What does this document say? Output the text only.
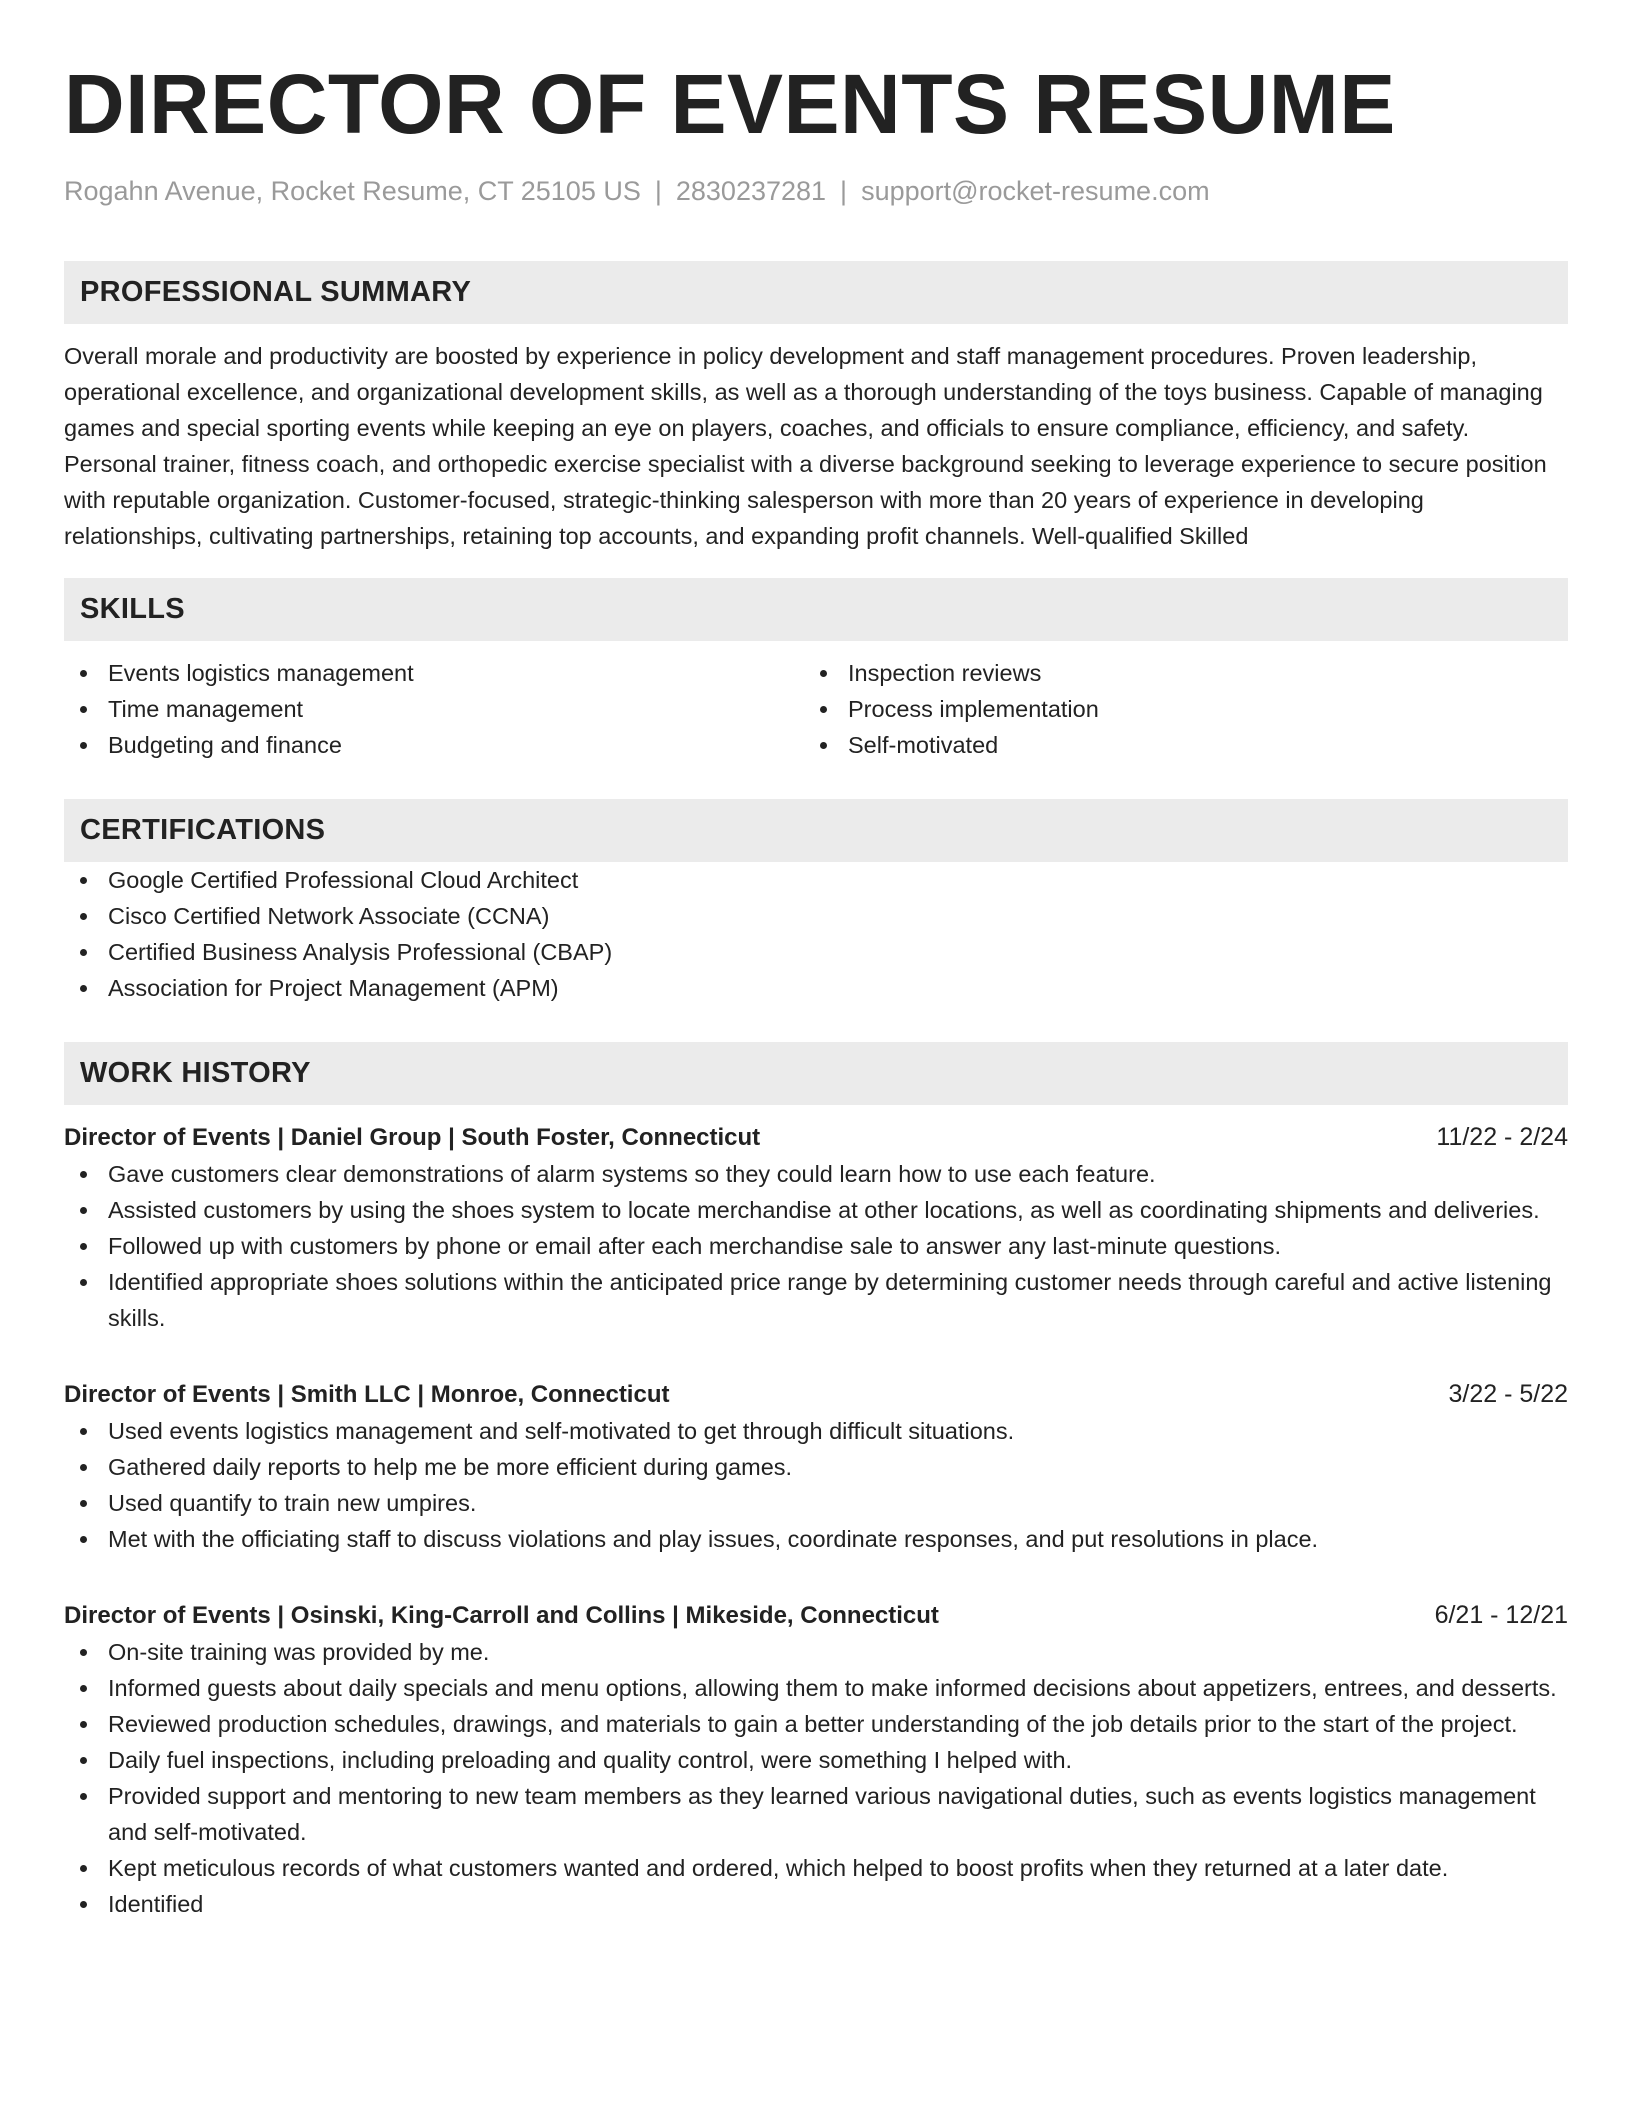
DIRECTOR OF EVENTS RESUME
Rogahn Avenue, Rocket Resume, CT 25105 US | 2830237281 | support@rocket-resume.com
PROFESSIONAL SUMMARY
Overall morale and productivity are boosted by experience in policy development and staff management procedures. Proven leadership, operational excellence, and organizational development skills, as well as a thorough understanding of the toys business. Capable of managing games and special sporting events while keeping an eye on players, coaches, and officials to ensure compliance, efficiency, and safety. Personal trainer, fitness coach, and orthopedic exercise specialist with a diverse background seeking to leverage experience to secure position with reputable organization. Customer-focused, strategic-thinking salesperson with more than 20 years of experience in developing relationships, cultivating partnerships, retaining top accounts, and expanding profit channels. Well-qualified Skilled
SKILLS
Events logistics management
Time management
Budgeting and finance
Inspection reviews
Process implementation
Self-motivated
CERTIFICATIONS
Google Certified Professional Cloud Architect
Cisco Certified Network Associate (CCNA)
Certified Business Analysis Professional (CBAP)
Association for Project Management (APM)
WORK HISTORY
Director of Events | Daniel Group | South Foster, Connecticut	11/22 - 2/24
Gave customers clear demonstrations of alarm systems so they could learn how to use each feature.
Assisted customers by using the shoes system to locate merchandise at other locations, as well as coordinating shipments and deliveries.
Followed up with customers by phone or email after each merchandise sale to answer any last-minute questions.
Identified appropriate shoes solutions within the anticipated price range by determining customer needs through careful and active listening skills.
Director of Events | Smith LLC | Monroe, Connecticut	3/22 - 5/22
Used events logistics management and self-motivated to get through difficult situations.
Gathered daily reports to help me be more efficient during games.
Used quantify to train new umpires.
Met with the officiating staff to discuss violations and play issues, coordinate responses, and put resolutions in place.
Director of Events | Osinski, King-Carroll and Collins | Mikeside, Connecticut	6/21 - 12/21
On-site training was provided by me.
Informed guests about daily specials and menu options, allowing them to make informed decisions about appetizers, entrees, and desserts.
Reviewed production schedules, drawings, and materials to gain a better understanding of the job details prior to the start of the project.
Daily fuel inspections, including preloading and quality control, were something I helped with.
Provided support and mentoring to new team members as they learned various navigational duties, such as events logistics management and self-motivated.
Kept meticulous records of what customers wanted and ordered, which helped to boost profits when they returned at a later date.
Identified
